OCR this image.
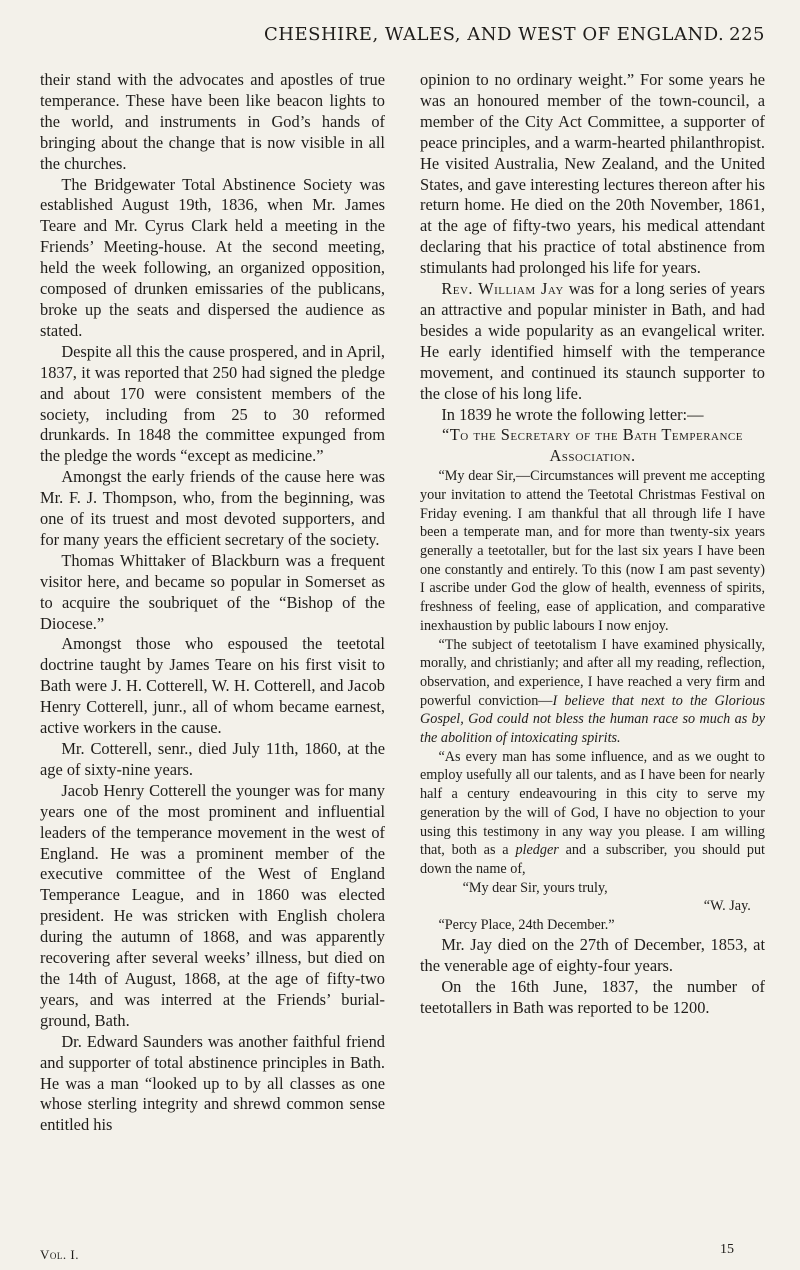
CHESHIRE, WALES, AND WEST OF ENGLAND. 225

their stand with the advocates and apostles of true temperance. These have been like beacon lights to the world, and instruments in God’s hands of bringing about the change that is now visible in all the churches.

The Bridgewater Total Abstinence Society was established August 19th, 1836, when Mr. James Teare and Mr. Cyrus Clark held a meeting in the Friends’ Meeting-house. At the second meeting, held the week following, an organized opposition, composed of drunken emissaries of the publicans, broke up the seats and dispersed the audience as stated.

Despite all this the cause prospered, and in April, 1837, it was reported that 250 had signed the pledge and about 170 were consistent members of the society, including from 25 to 30 reformed drunkards. In 1848 the committee expunged from the pledge the words “except as medicine.”

Amongst the early friends of the cause here was Mr. F. J. Thompson, who, from the beginning, was one of its truest and most devoted supporters, and for many years the efficient secretary of the society.

Thomas Whittaker of Blackburn was a frequent visitor here, and became so popular in Somerset as to acquire the soubriquet of the “Bishop of the Diocese.”

Amongst those who espoused the teetotal doctrine taught by James Teare on his first visit to Bath were J. H. Cotterell, W. H. Cotterell, and Jacob Henry Cotterell, junr., all of whom became earnest, active workers in the cause.

Mr. Cotterell, senr., died July 11th, 1860, at the age of sixty-nine years.

Jacob Henry Cotterell the younger was for many years one of the most prominent and influential leaders of the temperance movement in the west of England. He was a prominent member of the executive committee of the West of England Temperance League, and in 1860 was elected president. He was stricken with English cholera during the autumn of 1868, and was apparently recovering after several weeks’ illness, but died on the 14th of August, 1868, at the age of fifty-two years, and was interred at the Friends’ burial-ground, Bath.

Dr. Edward Saunders was another faithful friend and supporter of total abstinence principles in Bath. He was a man “looked up to by all classes as one whose sterling integrity and shrewd common sense entitled his

opinion to no ordinary weight.” For some years he was an honoured member of the town-council, a member of the City Act Committee, a supporter of peace principles, and a warm-hearted philanthropist. He visited Australia, New Zealand, and the United States, and gave interesting lectures thereon after his return home. He died on the 20th November, 1861, at the age of fifty-two years, his medical attendant declaring that his practice of total abstinence from stimulants had prolonged his life for years.

Rev. William Jay was for a long series of years an attractive and popular minister in Bath, and had besides a wide popularity as an evangelical writer. He early identified himself with the temperance movement, and continued its staunch supporter to the close of his long life.

In 1839 he wrote the following letter:—

“To the Secretary of the Bath Temperance Association.

“My dear Sir,—Circumstances will prevent me accepting your invitation to attend the Teetotal Christmas Festival on Friday evening. I am thankful that all through life I have been a temperate man, and for more than twenty-six years generally a teetotaller, but for the last six years I have been one constantly and entirely. To this (now I am past seventy) I ascribe under God the glow of health, evenness of spirits, freshness of feeling, ease of application, and comparative inexhaustion by public labours I now enjoy.

“The subject of teetotalism I have examined physically, morally, and christianly; and after all my reading, reflection, observation, and experience, I have reached a very firm and powerful conviction—I believe that next to the Glorious Gospel, God could not bless the human race so much as by the abolition of intoxicating spirits.

“As every man has some influence, and as we ought to employ usefully all our talents, and as I have been for nearly half a century endeavouring in this city to serve my generation by the will of God, I have no objection to your using this testimony in any way you please. I am willing that, both as a pledger and a subscriber, you should put down the name of,

“My dear Sir, yours truly,

“W. Jay.

“Percy Place, 24th December.”

Mr. Jay died on the 27th of December, 1853, at the venerable age of eighty-four years.

On the 16th June, 1837, the number of teetotallers in Bath was reported to be 1200.

Vol. I.	15
